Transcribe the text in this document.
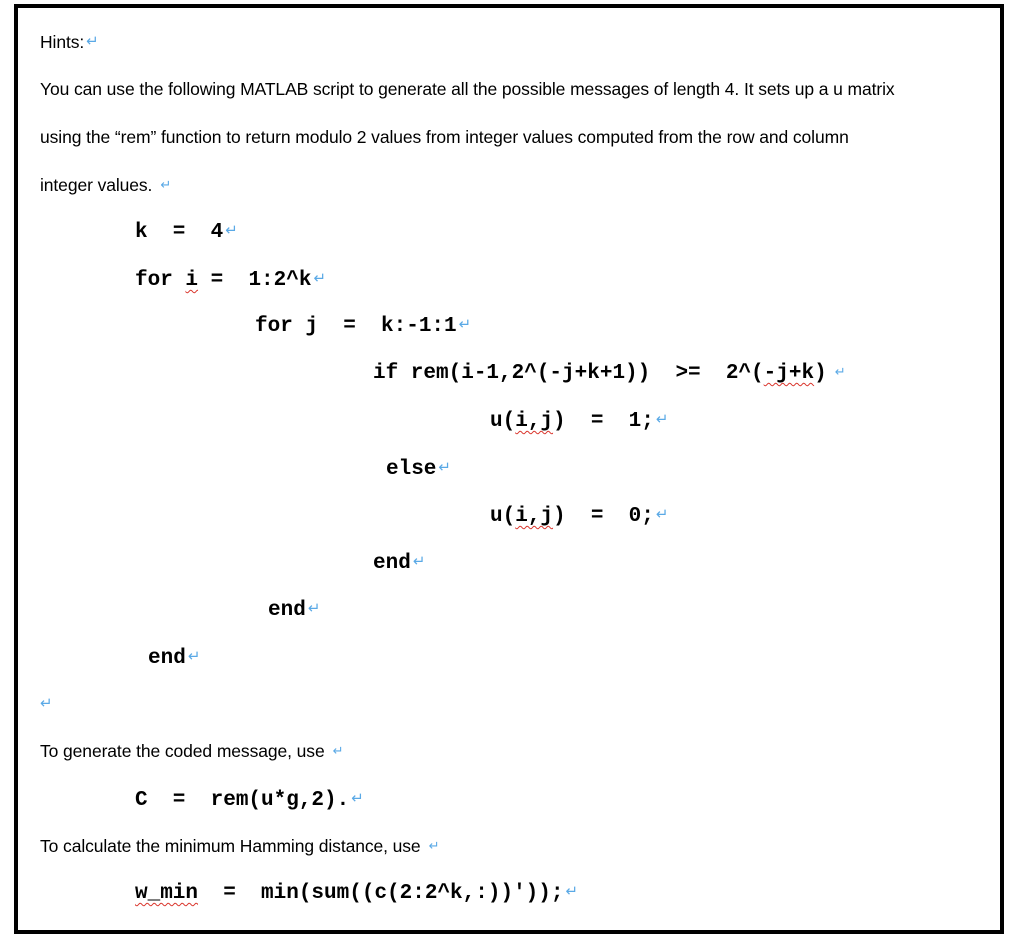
Hints: ↵
You can use the following MATLAB script to generate all the possible messages of length 4. It sets up a u matrix
using the “rem” function to return modulo 2 values from integer values computed from the row and column
integer values. ↵
k  =  4 ↵
for i =  1:2^k ↵
for j  =  k:-1:1 ↵
if rem(i-1,2^(-j+k+1))  >=  2^(-j+k) ↵
u(i,j)  =  1; ↵
else ↵
u(i,j)  =  0; ↵
end ↵
end ↵
end ↵
↵
To generate the coded message, use ↵
C  =  rem(u*g,2). ↵
To calculate the minimum Hamming distance, use ↵
w_min  =  min(sum((c(2:2^k,:))')); ↵
